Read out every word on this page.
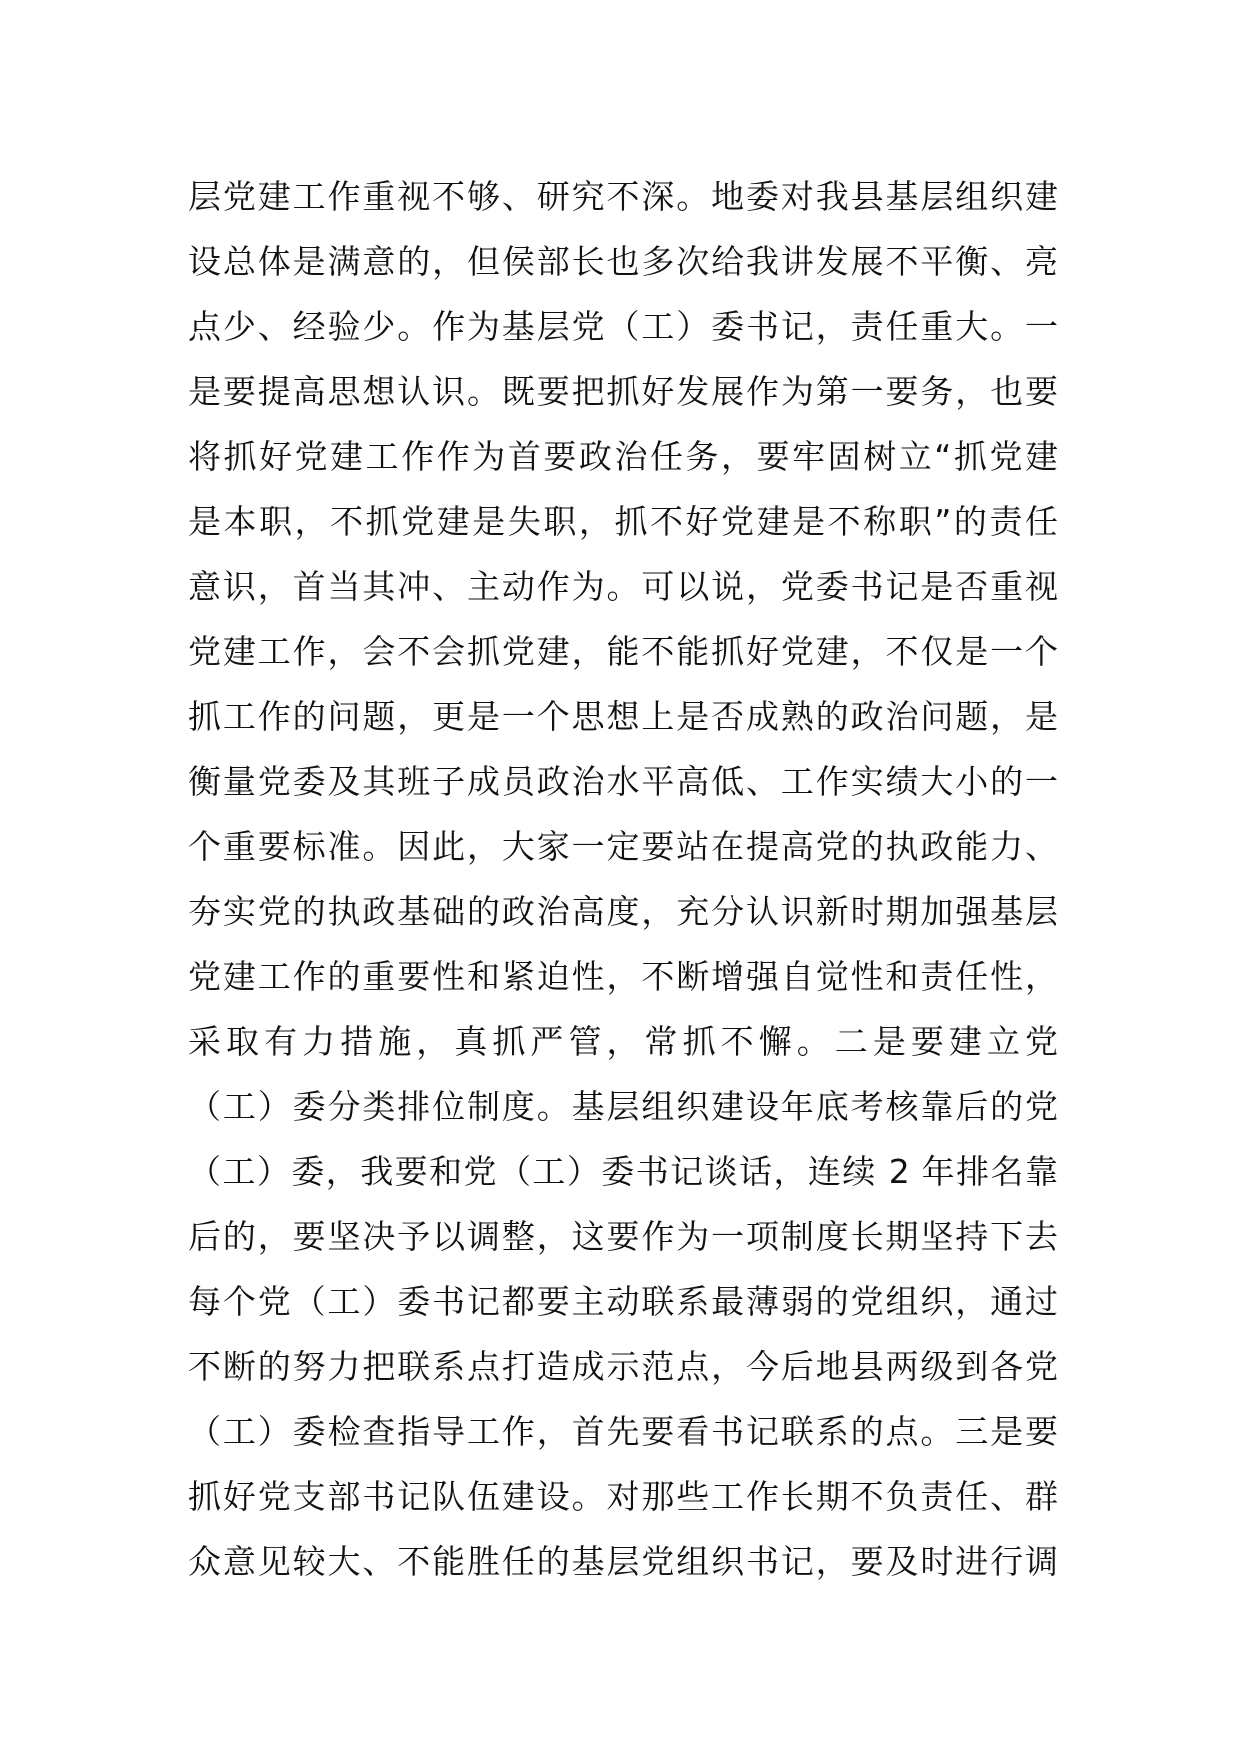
层党建工作重视不够、研究不深。地委对我县基层组织建
设总体是满意的，但侯部长也多次给我讲发展不平衡、亮
点少、经验少。作为基层党（工）委书记，责任重大。一
是要提高思想认识。既要把抓好发展作为第一要务，也要
将抓好党建工作作为首要政治任务，要牢固树立“抓党建
是本职，不抓党建是失职，抓不好党建是不称职”的责任
意识，首当其冲、主动作为。可以说，党委书记是否重视
党建工作，会不会抓党建，能不能抓好党建，不仅是一个
抓工作的问题，更是一个思想上是否成熟的政治问题，是
衡量党委及其班子成员政治水平高低、工作实绩大小的一
个重要标准。因此，大家一定要站在提高党的执政能力、
夯实党的执政基础的政治高度，充分认识新时期加强基层
党建工作的重要性和紧迫性，不断增强自觉性和责任性，
采取有力措施，真抓严管，常抓不懈。二是要建立党
（工）委分类排位制度。基层组织建设年底考核靠后的党
（工）委，我要和党（工）委书记谈话，连续 2 年排名靠
后的，要坚决予以调整，这要作为一项制度长期坚持下去
每个党（工）委书记都要主动联系最薄弱的党组织，通过
不断的努力把联系点打造成示范点，今后地县两级到各党
（工）委检查指导工作，首先要看书记联系的点。三是要
抓好党支部书记队伍建设。对那些工作长期不负责任、群
众意见较大、不能胜任的基层党组织书记，要及时进行调
